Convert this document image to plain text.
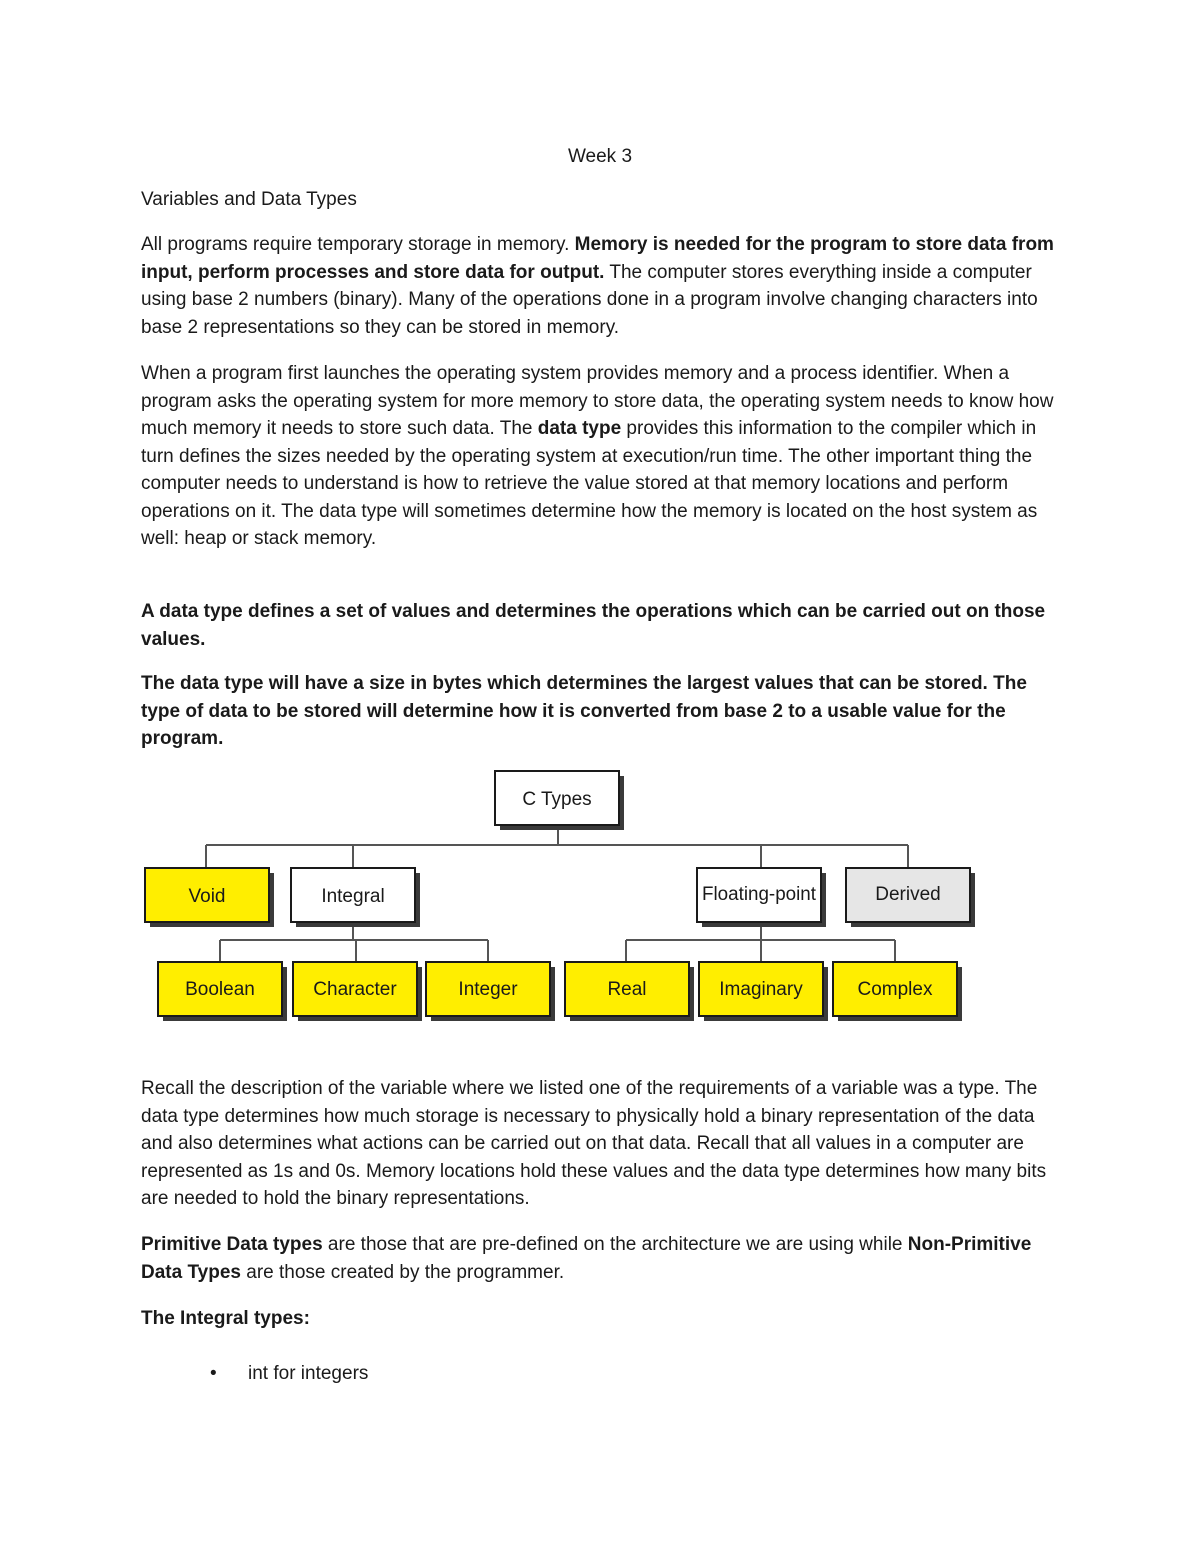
Week 3
Variables and Data Types

All programs require temporary storage in memory. Memory is needed for the program to store data from input, perform processes and store data for output. The computer stores everything inside a computer using base 2 numbers (binary). Many of the operations done in a program involve changing characters into base 2 representations so they can be stored in memory.

When a program first launches the operating system provides memory and a process identifier. When a program asks the operating system for more memory to store data, the operating system needs to know how much memory it needs to store such data. The data type provides this information to the compiler which in turn defines the sizes needed by the operating system at execution/run time. The other important thing the computer needs to understand is how to retrieve the value stored at that memory locations and perform operations on it. The data type will sometimes determine how the memory is located on the host system as well: heap or stack memory.

A data type defines a set of values and determines the operations which can be carried out on those values.

The data type will have a size in bytes which determines the largest values that can be stored. The type of data to be stored will determine how it is converted from base 2 to a usable value for the program.

C Types
Void	Integral	Floating-point	Derived
Boolean	Character	Integer	Real	Imaginary	Complex

Recall the description of the variable where we listed one of the requirements of a variable was a type. The data type determines how much storage is necessary to physically hold a binary representation of the data and also determines what actions can be carried out on that data. Recall that all values in a computer are represented as 1s and 0s. Memory locations hold these values and the data type determines how many bits are needed to hold the binary representations.

Primitive Data types are those that are pre-defined on the architecture we are using while Non-Primitive Data Types are those created by the programmer.

The Integral types:

• int for integers
